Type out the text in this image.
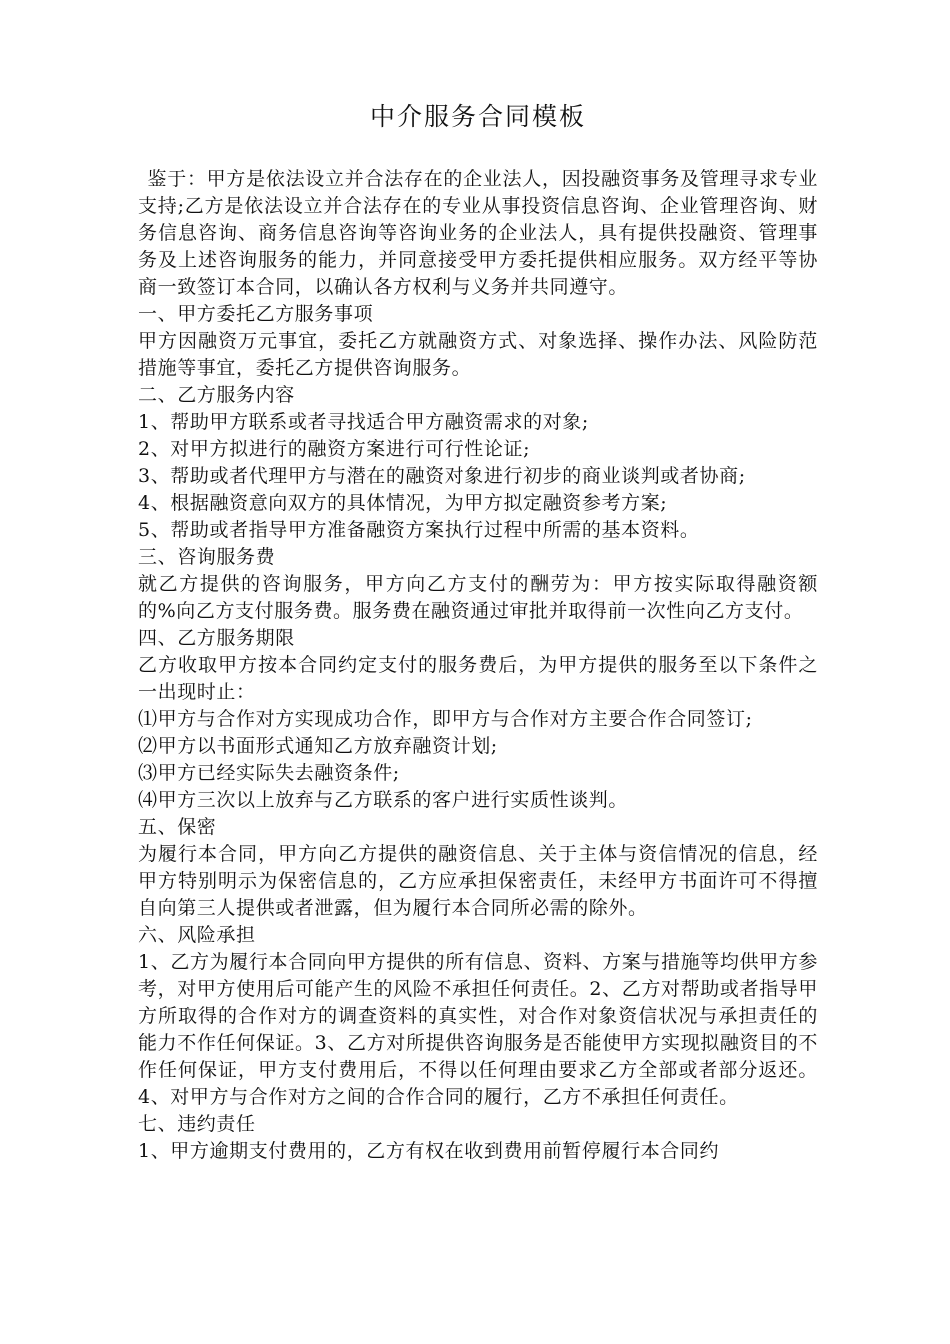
中介服务合同模板

鉴于：甲方是依法设立并合法存在的企业法人，因投融资事务及管理寻求专业支持;乙方是依法设立并合法存在的专业从事投资信息咨询、企业管理咨询、财务信息咨询、商务信息咨询等咨询业务的企业法人，具有提供投融资、管理事务及上述咨询服务的能力，并同意接受甲方委托提供相应服务。双方经平等协商一致签订本合同，以确认各方权利与义务并共同遵守。

一、甲方委托乙方服务事项

甲方因融资万元事宜，委托乙方就融资方式、对象选择、操作办法、风险防范措施等事宜，委托乙方提供咨询服务。

二、乙方服务内容

1、帮助甲方联系或者寻找适合甲方融资需求的对象;

2、对甲方拟进行的融资方案进行可行性论证;

3、帮助或者代理甲方与潜在的融资对象进行初步的商业谈判或者协商;

4、根据融资意向双方的具体情况，为甲方拟定融资参考方案;

5、帮助或者指导甲方准备融资方案执行过程中所需的基本资料。

三、咨询服务费

就乙方提供的咨询服务，甲方向乙方支付的酬劳为：甲方按实际取得融资额的%向乙方支付服务费。服务费在融资通过审批并取得前一次性向乙方支付。

四、乙方服务期限

乙方收取甲方按本合同约定支付的服务费后，为甲方提供的服务至以下条件之一出现时止：

⑴甲方与合作对方实现成功合作，即甲方与合作对方主要合作合同签订;

⑵甲方以书面形式通知乙方放弃融资计划;

⑶甲方已经实际失去融资条件;

⑷甲方三次以上放弃与乙方联系的客户进行实质性谈判。

五、保密

为履行本合同，甲方向乙方提供的融资信息、关于主体与资信情况的信息，经甲方特别明示为保密信息的，乙方应承担保密责任，未经甲方书面许可不得擅自向第三人提供或者泄露，但为履行本合同所必需的除外。

六、风险承担

1、乙方为履行本合同向甲方提供的所有信息、资料、方案与措施等均供甲方参考，对甲方使用后可能产生的风险不承担任何责任。2、乙方对帮助或者指导甲方所取得的合作对方的调查资料的真实性，对合作对象资信状况与承担责任的能力不作任何保证。3、乙方对所提供咨询服务是否能使甲方实现拟融资目的不作任何保证，甲方支付费用后，不得以任何理由要求乙方全部或者部分返还。4、对甲方与合作对方之间的合作合同的履行，乙方不承担任何责任。

七、违约责任

1、甲方逾期支付费用的，乙方有权在收到费用前暂停履行本合同约
